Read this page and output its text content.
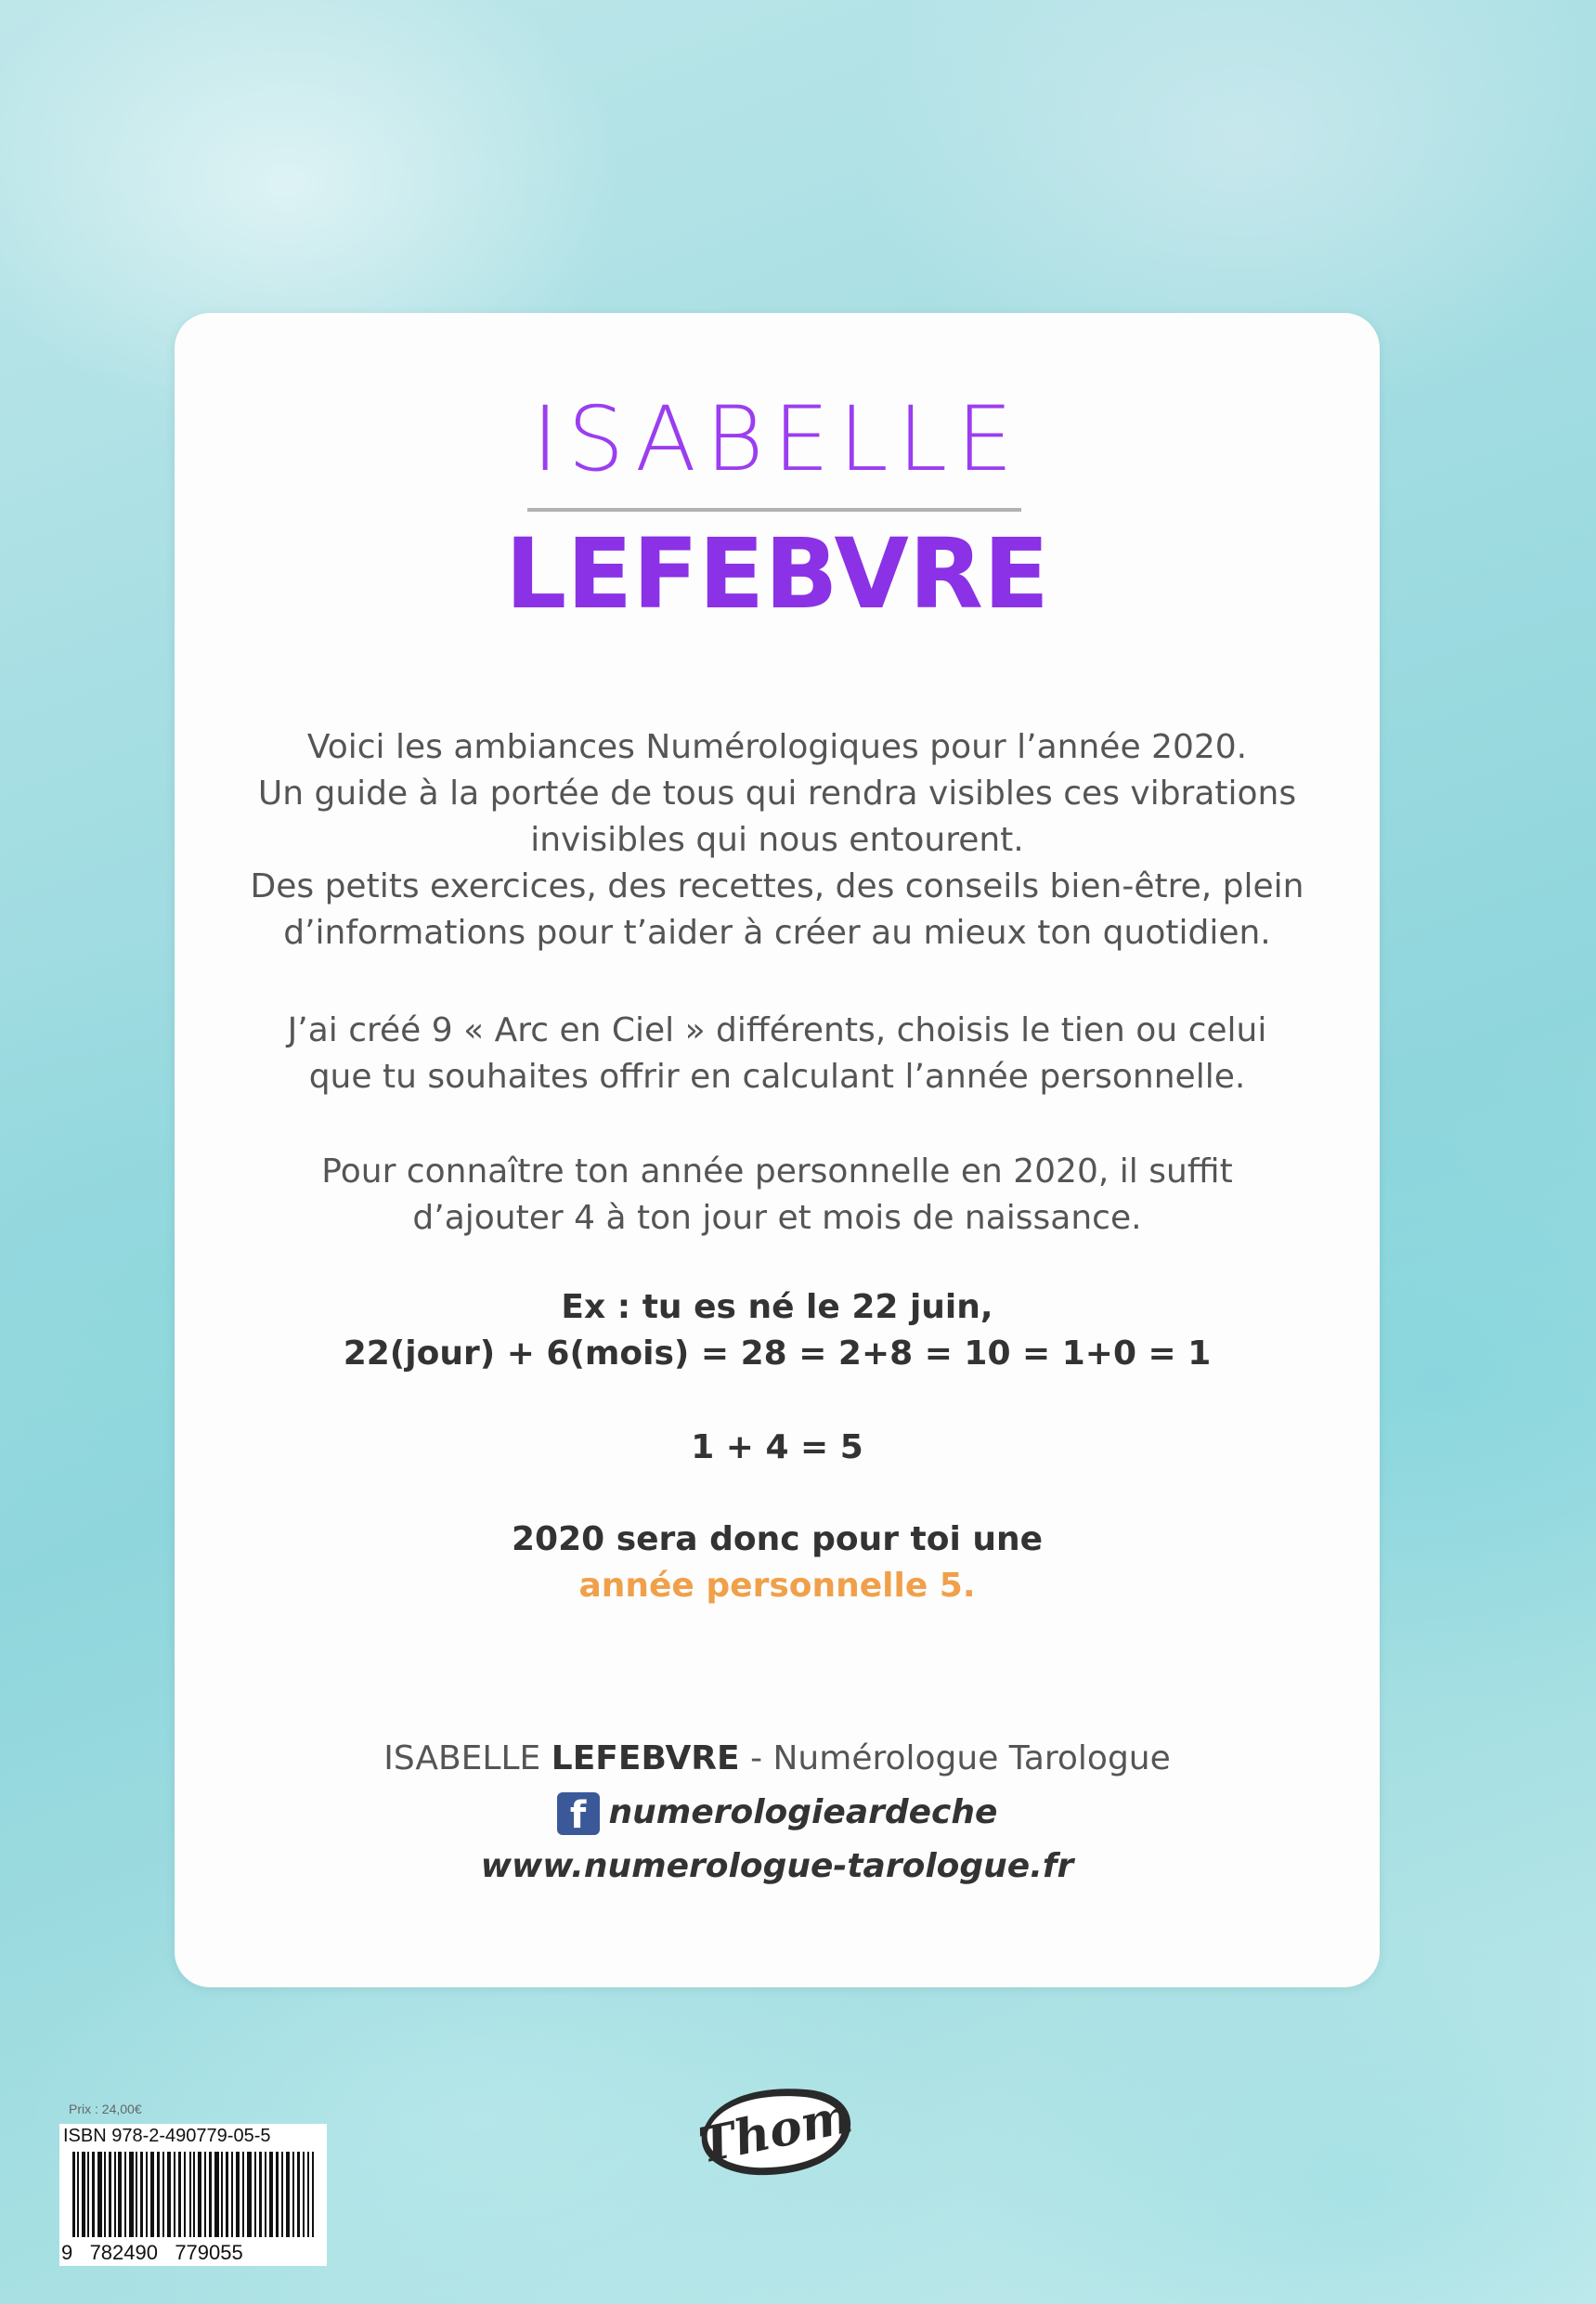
ISABELLE
LEFEBVRE
Voici les ambiances Numérologiques pour l’année 2020.
Un guide à la portée de tous qui rendra visibles ces vibrations
invisibles qui nous entourent.
Des petits exercices, des recettes, des conseils bien-être, plein
d’informations pour t’aider à créer au mieux ton quotidien.
J’ai créé 9 « Arc en Ciel » différents, choisis le tien ou celui
que tu souhaites offrir en calculant l’année personnelle.
Pour connaître ton année personnelle en 2020, il suffit
d’ajouter 4 à ton jour et mois de naissance.
Ex : tu es né le 22 juin,
22(jour) + 6(mois) = 28 = 2+8 = 10 = 1+0 = 1
1 + 4 = 5
2020 sera donc pour toi une
année personnelle 5.
ISABELLE LEFEBVRE - Numérologue Tarologue
f numerologieardeche
www.numerologue-tarologue.fr
Prix : 24,00€
ISBN 978-2-490779-05-5
9   782490   779055
Thom
